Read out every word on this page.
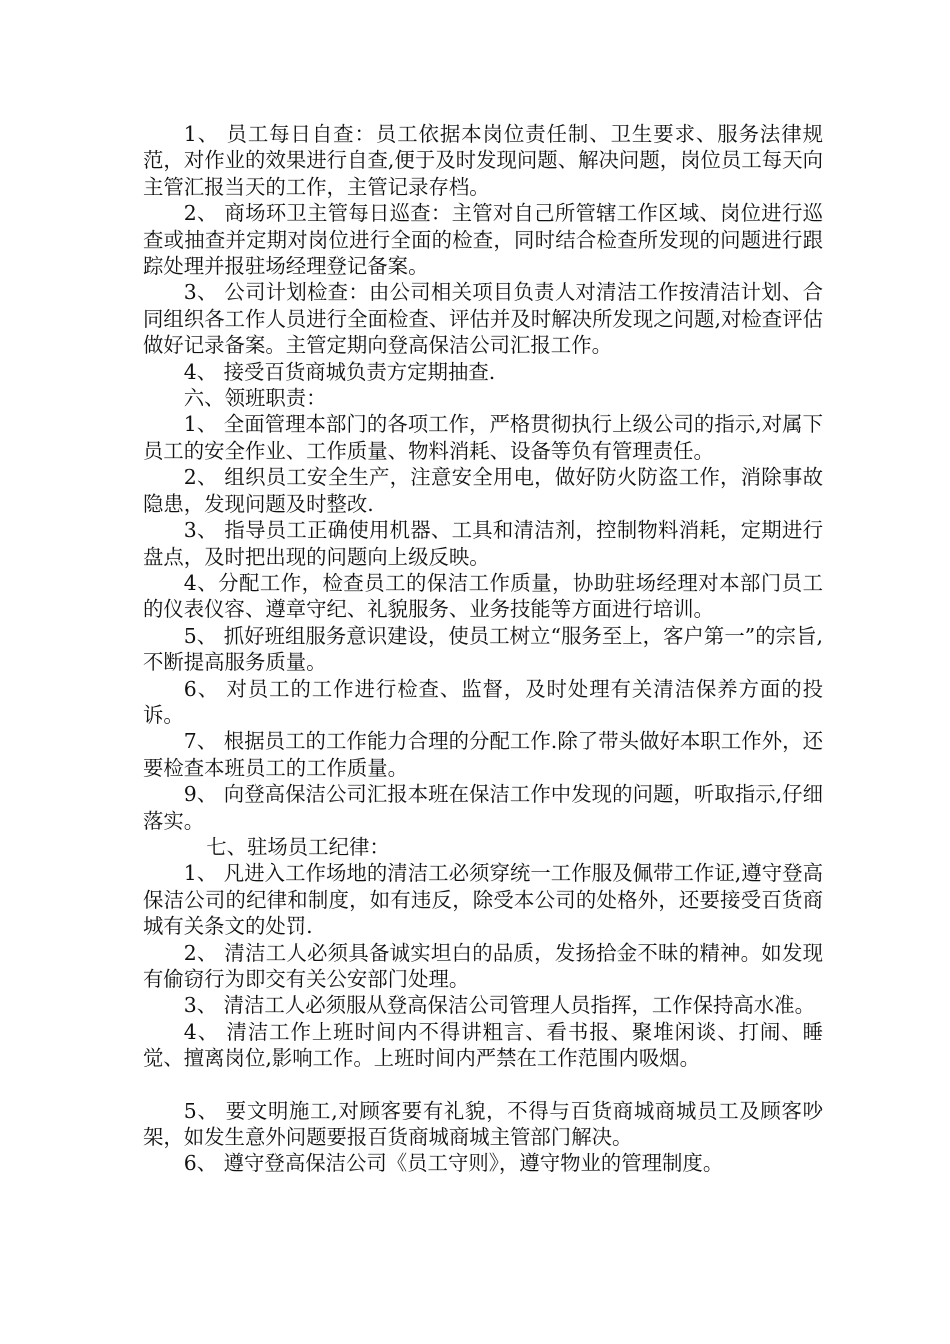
1、 员工每日自查：员工依据本岗位责任制、卫生要求、服务法律规范，对作业的效果进行自查,便于及时发现问题、解决问题，岗位员工每天向主管汇报当天的工作，主管记录存档。

2、 商场环卫主管每日巡查：主管对自己所管辖工作区域、岗位进行巡查或抽查并定期对岗位进行全面的检查，同时结合检查所发现的问题进行跟踪处理并报驻场经理登记备案。

3、 公司计划检查：由公司相关项目负责人对清洁工作按清洁计划、合同组织各工作人员进行全面检查、评估并及时解决所发现之问题,对检查评估做好记录备案。主管定期向登高保洁公司汇报工作。

4、 接受百货商城负责方定期抽查.

六、领班职责：

1、 全面管理本部门的各项工作，严格贯彻执行上级公司的指示,对属下员工的安全作业、工作质量、物料消耗、设备等负有管理责任。

2、 组织员工安全生产，注意安全用电，做好防火防盗工作，消除事故隐患，发现问题及时整改.

3、 指导员工正确使用机器、工具和清洁剂，控制物料消耗，定期进行盘点，及时把出现的问题向上级反映。

4、分配工作，检查员工的保洁工作质量，协助驻场经理对本部门员工的仪表仪容、遵章守纪、礼貌服务、业务技能等方面进行培训。

5、 抓好班组服务意识建设，使员工树立“服务至上，客户第一”的宗旨,不断提高服务质量。

6、 对员工的工作进行检查、监督，及时处理有关清洁保养方面的投诉。

7、 根据员工的工作能力合理的分配工作.除了带头做好本职工作外，还要检查本班员工的工作质量。

9、 向登高保洁公司汇报本班在保洁工作中发现的问题，听取指示,仔细落实。

七、驻场员工纪律：

1、 凡进入工作场地的清洁工必须穿统一工作服及佩带工作证,遵守登高保洁公司的纪律和制度，如有违反，除受本公司的处格外，还要接受百货商城有关条文的处罚.

2、 清洁工人必须具备诚实坦白的品质，发扬拾金不昧的精神。如发现有偷窃行为即交有关公安部门处理。

3、 清洁工人必须服从登高保洁公司管理人员指挥，工作保持高水准。

4、 清洁工作上班时间内不得讲粗言、看书报、聚堆闲谈、打闹、睡觉、擅离岗位,影响工作。上班时间内严禁在工作范围内吸烟。

5、 要文明施工,对顾客要有礼貌，不得与百货商城商城员工及顾客吵架，如发生意外问题要报百货商城商城主管部门解决。

6、 遵守登高保洁公司《员工守则》，遵守物业的管理制度。
